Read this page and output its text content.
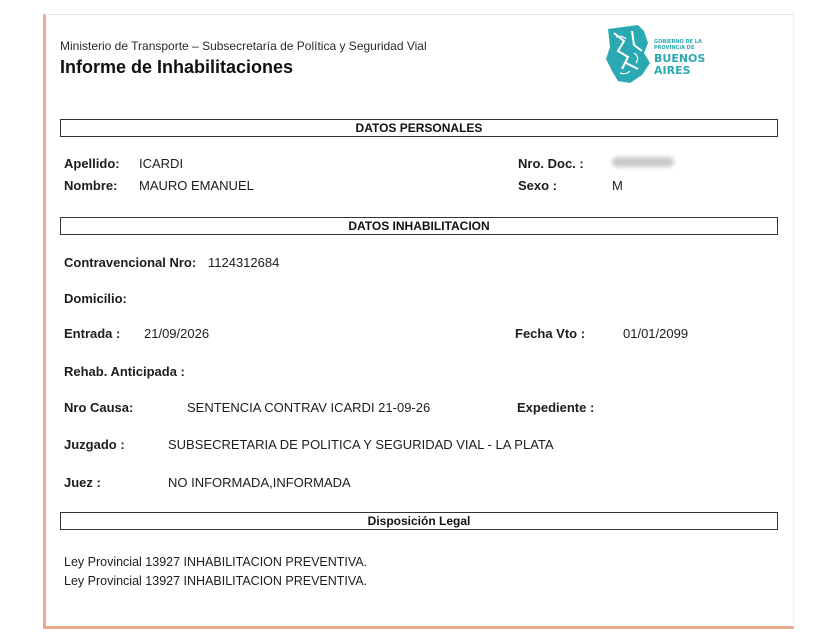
Ministerio de Transporte – Subsecretaría de Política y Seguridad Vial
Informe de Inhabilitaciones
GOBIERNO DE LA
PROVINCIA DE
BUENOS
AIRES
DATOS PERSONALES
Apellido: ICARDI
Nombre: MAURO EMANUEL
Nro. Doc. :
Sexo :	M
DATOS INHABILITACION
Contravencional Nro: 1124312684
Domicilio:
Entrada : 21/09/2026	Fecha Vto :	01/01/2099
Rehab. Anticipada :
Nro Causa:	SENTENCIA CONTRAV ICARDI 21-09-26	Expediente :
Juzgado :	SUBSECRETARIA DE POLITICA Y SEGURIDAD VIAL - LA PLATA
Juez :	NO INFORMADA,INFORMADA
Disposición Legal
Ley Provincial 13927 INHABILITACION PREVENTIVA.
Ley Provincial 13927 INHABILITACION PREVENTIVA.
